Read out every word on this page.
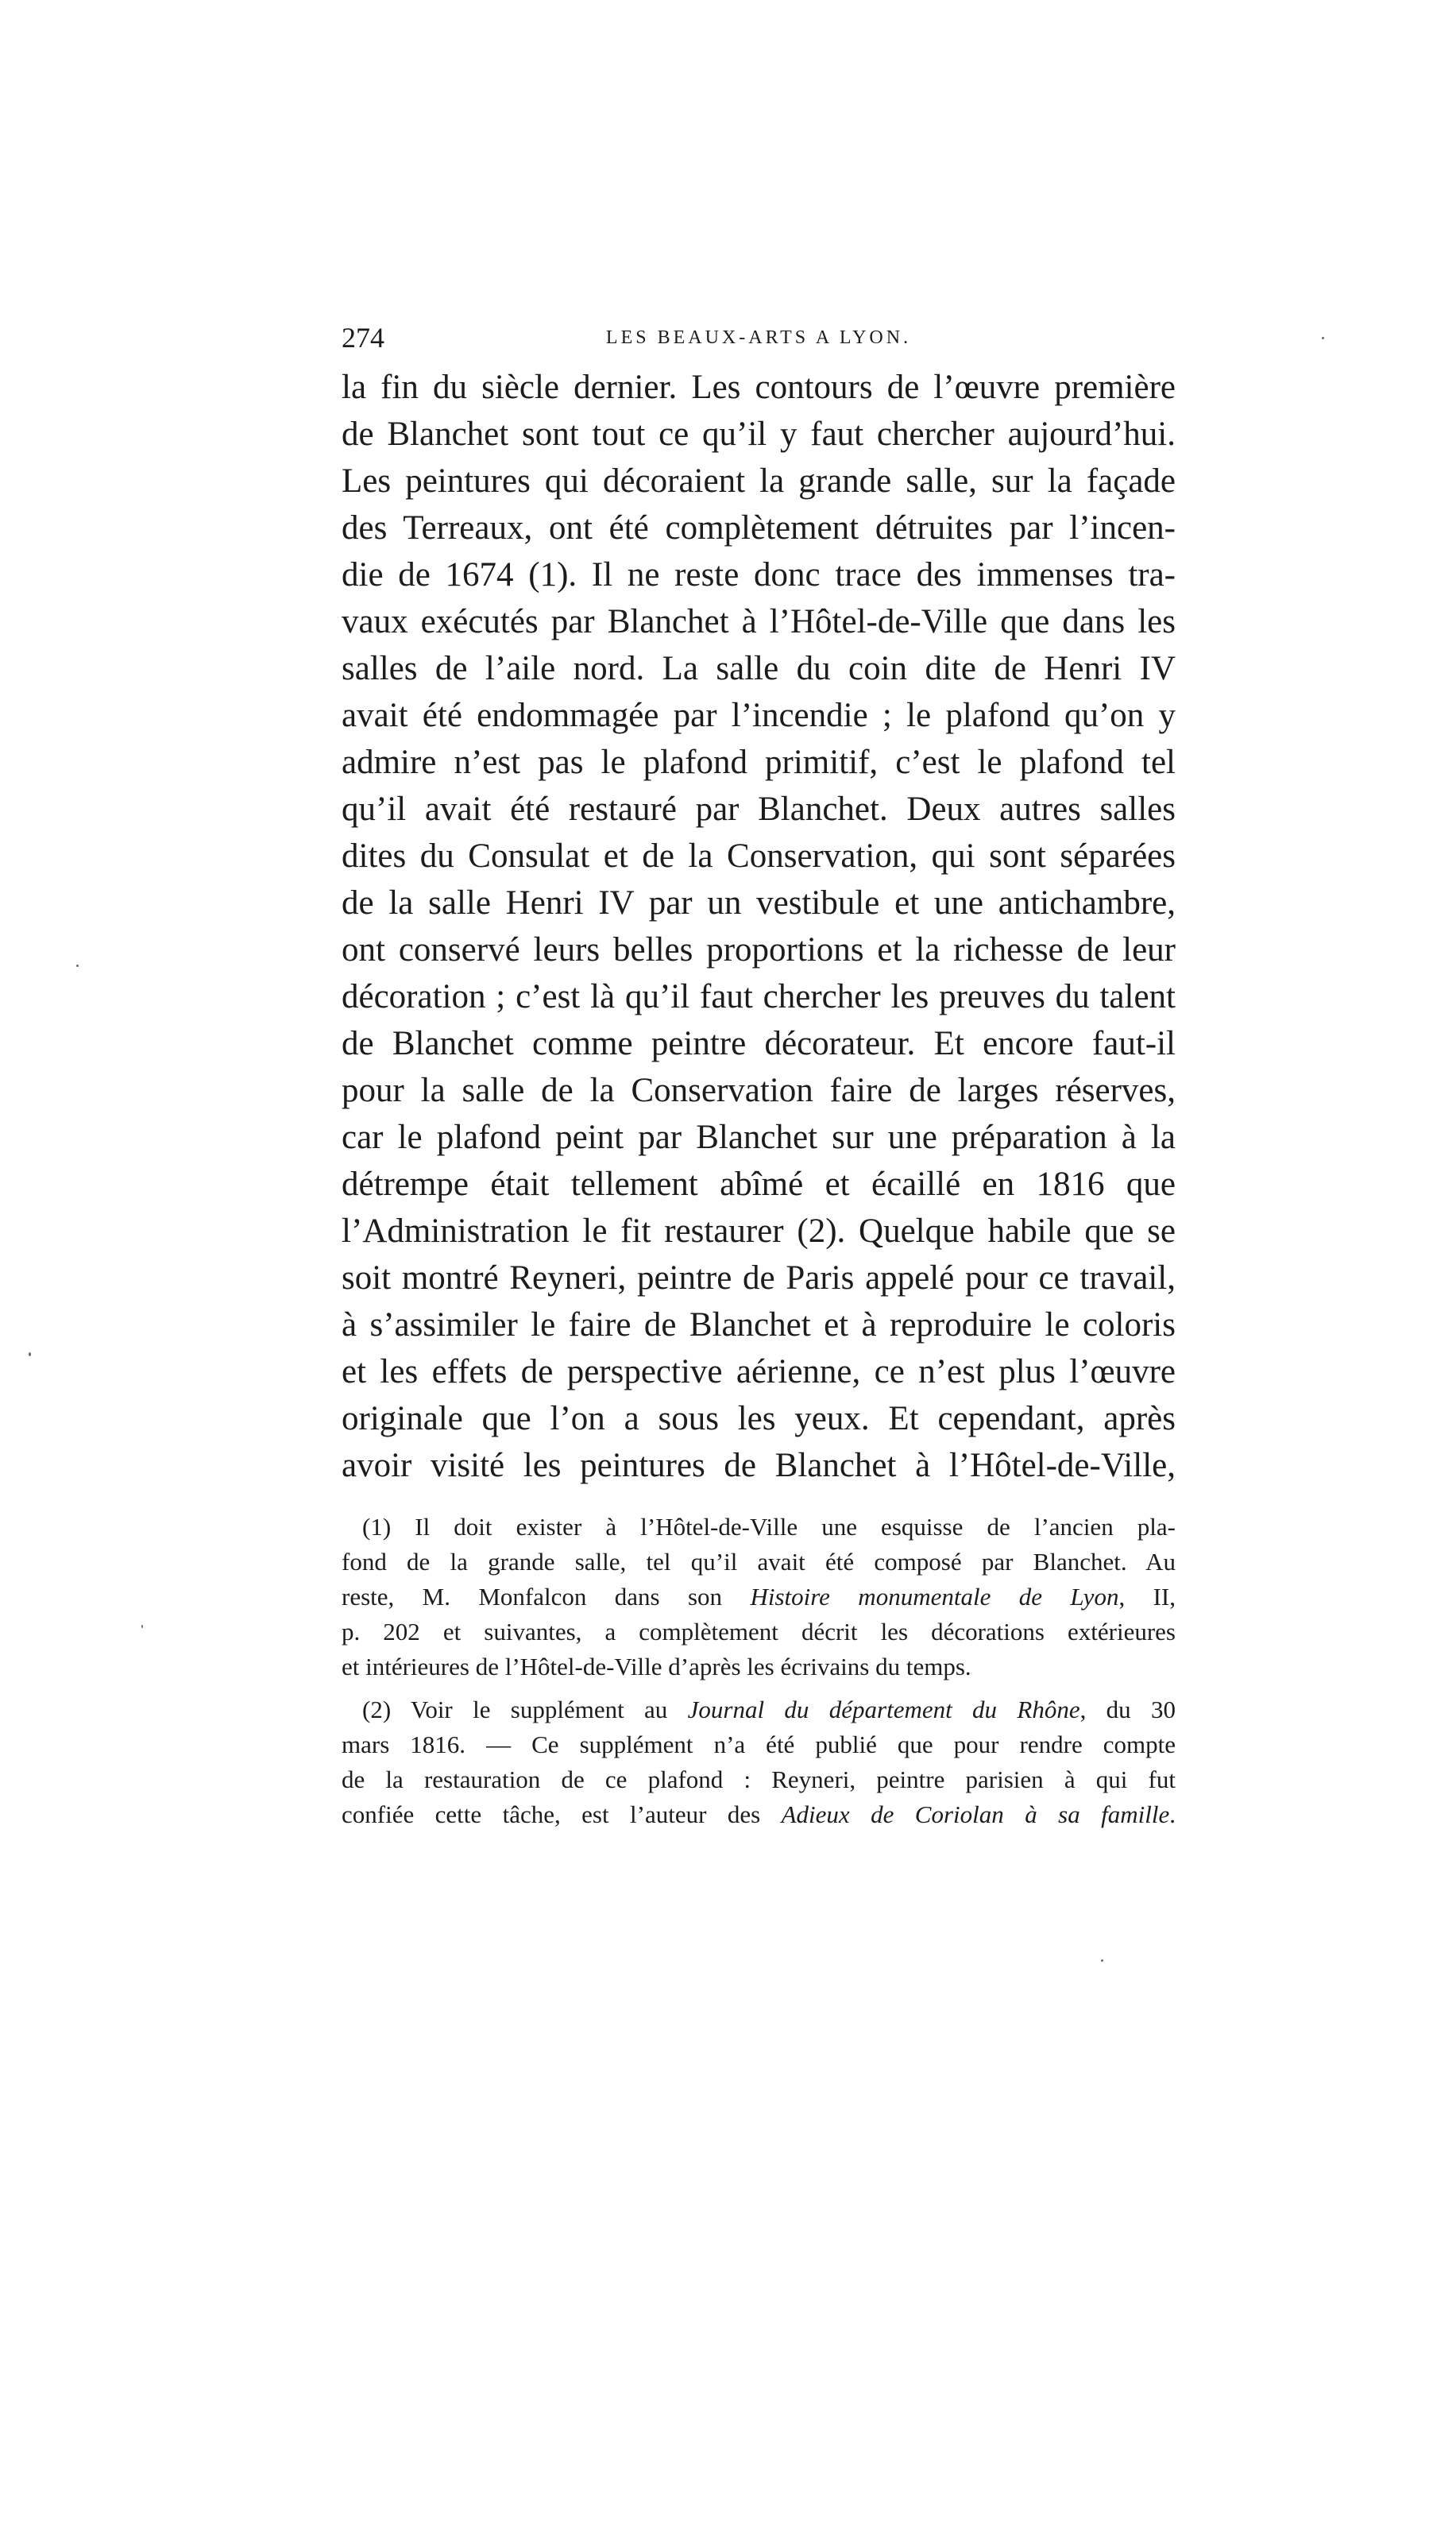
274	LES BEAUX-ARTS A LYON.
la fin du siècle dernier. Les contours de l’œuvre première
de Blanchet sont tout ce qu’il y faut chercher aujourd’hui.
Les peintures qui décoraient la grande salle, sur la façade
des Terreaux, ont été complètement détruites par l’incen-
die de 1674 (1). Il ne reste donc trace des immenses tra-
vaux exécutés par Blanchet à l’Hôtel-de-Ville que dans les
salles de l’aile nord. La salle du coin dite de Henri IV
avait été endommagée par l’incendie ; le plafond qu’on y
admire n’est pas le plafond primitif, c’est le plafond tel
qu’il avait été restauré par Blanchet. Deux autres salles
dites du Consulat et de la Conservation, qui sont séparées
de la salle Henri IV par un vestibule et une antichambre,
ont conservé leurs belles proportions et la richesse de leur
décoration ; c’est là qu’il faut chercher les preuves du talent
de Blanchet comme peintre décorateur. Et encore faut-il
pour la salle de la Conservation faire de larges réserves,
car le plafond peint par Blanchet sur une préparation à la
détrempe était tellement abîmé et écaillé en 1816 que
l’Administration le fit restaurer (2). Quelque habile que se
soit montré Reyneri, peintre de Paris appelé pour ce travail,
à s’assimiler le faire de Blanchet et à reproduire le coloris
et les effets de perspective aérienne, ce n’est plus l’œuvre
originale que l’on a sous les yeux. Et cependant, après
avoir visité les peintures de Blanchet à l’Hôtel-de-Ville,
(1) Il doit exister à l’Hôtel-de-Ville une esquisse de l’ancien pla-
fond de la grande salle, tel qu’il avait été composé par Blanchet. Au
reste, M. Monfalcon dans son Histoire monumentale de Lyon, II,
p. 202 et suivantes, a complètement décrit les décorations extérieures
et intérieures de l’Hôtel-de-Ville d’après les écrivains du temps.
(2) Voir le supplément au Journal du département du Rhône, du 30
mars 1816. — Ce supplément n’a été publié que pour rendre compte
de la restauration de ce plafond : Reyneri, peintre parisien à qui fut
confiée cette tâche, est l’auteur des Adieux de Coriolan à sa famille.
